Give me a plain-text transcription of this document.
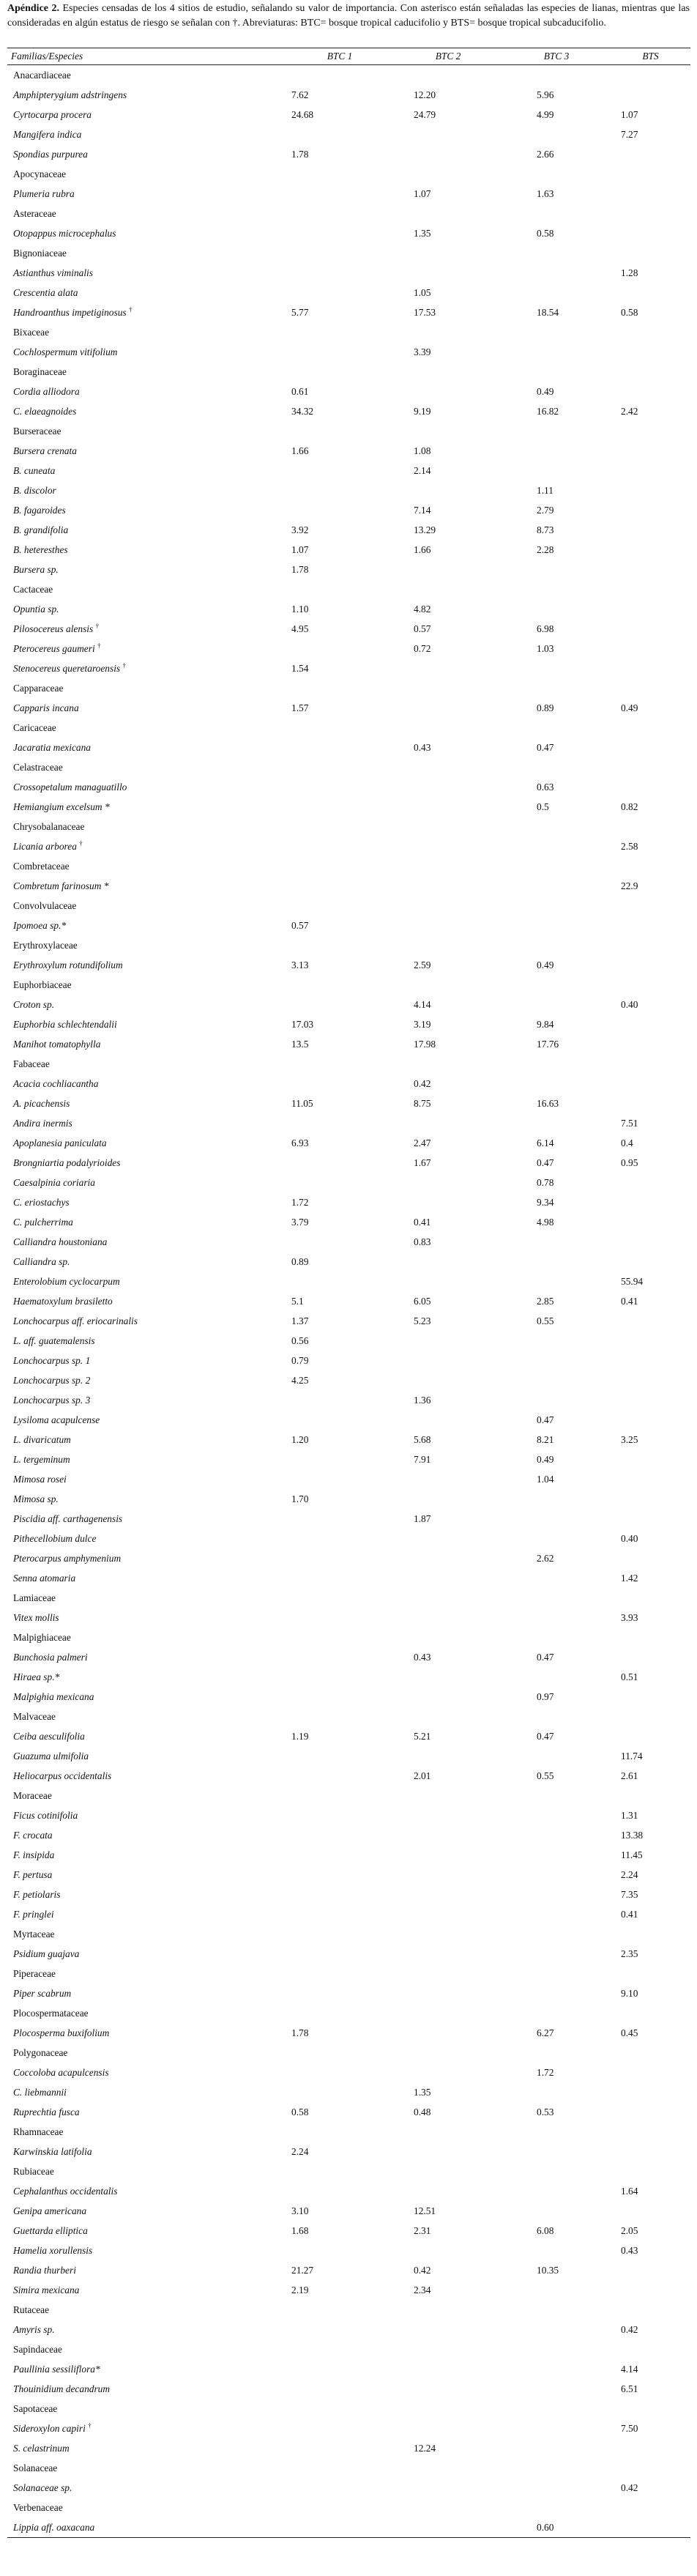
Apéndice 2. Especies censadas de los 4 sitios de estudio, señalando su valor de importancia. Con asterisco están señaladas las especies de lianas, mientras que las consideradas en algún estatus de riesgo se señalan con †. Abreviaturas: BTC= bosque tropical caducifolio y BTS= bosque tropical subcaducifolio.
Familias/Especies	BTC 1	BTC 2	BTC 3	BTS
Anacardiaceae				
Amphipterygium adstringens	7.62	12.20	5.96	
Cyrtocarpa procera	24.68	24.79	4.99	1.07
Mangifera indica				7.27
Spondias purpurea	1.78		2.66	
Apocynaceae				
Plumeria rubra		1.07	1.63	
Asteraceae				
Otopappus microcephalus		1.35	0.58	
Bignoniaceae				
Astianthus viminalis				1.28
Crescentia alata		1.05		
Handroanthus impetiginosus †	5.77	17.53	18.54	0.58
Bixaceae				
Cochlospermum vitifolium		3.39		
Boraginaceae				
Cordia alliodora	0.61		0.49	
C. elaeagnoides	34.32	9.19	16.82	2.42
Burseraceae				
Bursera crenata	1.66	1.08		
B. cuneata		2.14		
B. discolor			1.11	
B. fagaroides		7.14	2.79	
B. grandifolia	3.92	13.29	8.73	
B. heteresthes	1.07	1.66	2.28	
Bursera sp.	1.78			
Cactaceae				
Opuntia sp.	1.10	4.82		
Pilosocereus alensis †	4.95	0.57	6.98	
Pterocereus gaumeri †		0.72	1.03	
Stenocereus queretaroensis †	1.54			
Capparaceae				
Capparis incana	1.57		0.89	0.49
Caricaceae				
Jacaratia mexicana		0.43	0.47	
Celastraceae				
Crossopetalum managuatillo			0.63	
Hemiangium excelsum *			0.5	0.82
Chrysobalanaceae				
Licania arborea †				2.58
Combretaceae				
Combretum farinosum *				22.9
Convolvulaceae				
Ipomoea sp.*	0.57			
Erythroxylaceae				
Erythroxylum rotundifolium	3.13	2.59	0.49	
Euphorbiaceae				
Croton sp.		4.14		0.40
Euphorbia schlechtendalii	17.03	3.19	9.84	
Manihot tomatophylla	13.5	17.98	17.76	
Fabaceae				
Acacia cochliacantha		0.42		
A. picachensis	11.05	8.75	16.63	
Andira inermis				7.51
Apoplanesia paniculata	6.93	2.47	6.14	0.4
Brongniartia podalyrioides		1.67	0.47	0.95
Caesalpinia coriaria			0.78	
C. eriostachys	1.72		9.34	
C. pulcherrima	3.79	0.41	4.98	
Calliandra houstoniana		0.83		
Calliandra sp.	0.89			
Enterolobium cyclocarpum				55.94
Haematoxylum brasiletto	5.1	6.05	2.85	0.41
Lonchocarpus aff. eriocarinalis	1.37	5.23	0.55	
L. aff. guatemalensis	0.56			
Lonchocarpus sp. 1	0.79			
Lonchocarpus sp. 2	4.25			
Lonchocarpus sp. 3		1.36		
Lysiloma acapulcense			0.47	
L. divaricatum	1.20	5.68	8.21	3.25
L. tergeminum		7.91	0.49	
Mimosa rosei			1.04	
Mimosa sp.	1.70			
Piscidia aff. carthagenensis		1.87		
Pithecellobium dulce				0.40
Pterocarpus amphymenium			2.62	
Senna atomaria				1.42
Lamiaceae				
Vitex mollis				3.93
Malpighiaceae				
Bunchosia palmeri		0.43	0.47	
Hiraea sp.*				0.51
Malpighia mexicana			0.97	
Malvaceae				
Ceiba aesculifolia	1.19	5.21	0.47	
Guazuma ulmifolia				11.74
Heliocarpus occidentalis		2.01	0.55	2.61
Moraceae				
Ficus cotinifolia				1.31
F. crocata				13.38
F. insipida				11.45
F. pertusa				2.24
F. petiolaris				7.35
F. pringlei				0.41
Myrtaceae				
Psidium guajava				2.35
Piperaceae				
Piper scabrum				9.10
Plocospermataceae				
Plocosperma buxifolium	1.78		6.27	0.45
Polygonaceae				
Coccoloba acapulcensis			1.72	
C. liebmannii		1.35		
Ruprechtia fusca	0.58	0.48	0.53	
Rhamnaceae				
Karwinskia latifolia	2.24			
Rubiaceae				
Cephalanthus occidentalis				1.64
Genipa americana	3.10	12.51		
Guettarda elliptica	1.68	2.31	6.08	2.05
Hamelia xorullensis				0.43
Randia thurberi	21.27	0.42	10.35	
Simira mexicana	2.19	2.34		
Rutaceae				
Amyris sp.				0.42
Sapindaceae				
Paullinia sessiliflora*				4.14
Thouinidium decandrum				6.51
Sapotaceae				
Sideroxylon capiri †				7.50
S. celastrinum		12.24		
Solanaceae				
Solanaceae sp.				0.42
Verbenaceae				
Lippia aff. oaxacana			0.60	
